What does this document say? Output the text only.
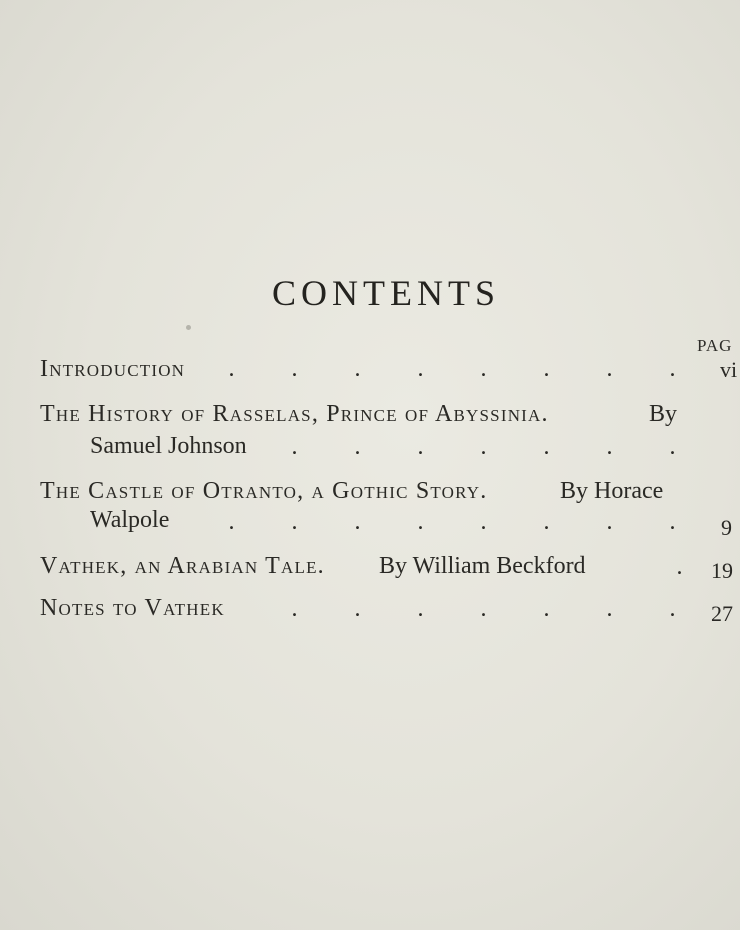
CONTENTS
PAG
Introduction	. . . . . . . .	vi
The History of Rasselas, Prince of Abyssinia.	By
Samuel Johnson	. . . . . . .
The Castle of Otranto, a Gothic Story.	By Horace
Walpole	. . . . . . . .	9
Vathek, an Arabian Tale. By William Beckford	.	19
Notes to Vathek	. . . . . . .	27
